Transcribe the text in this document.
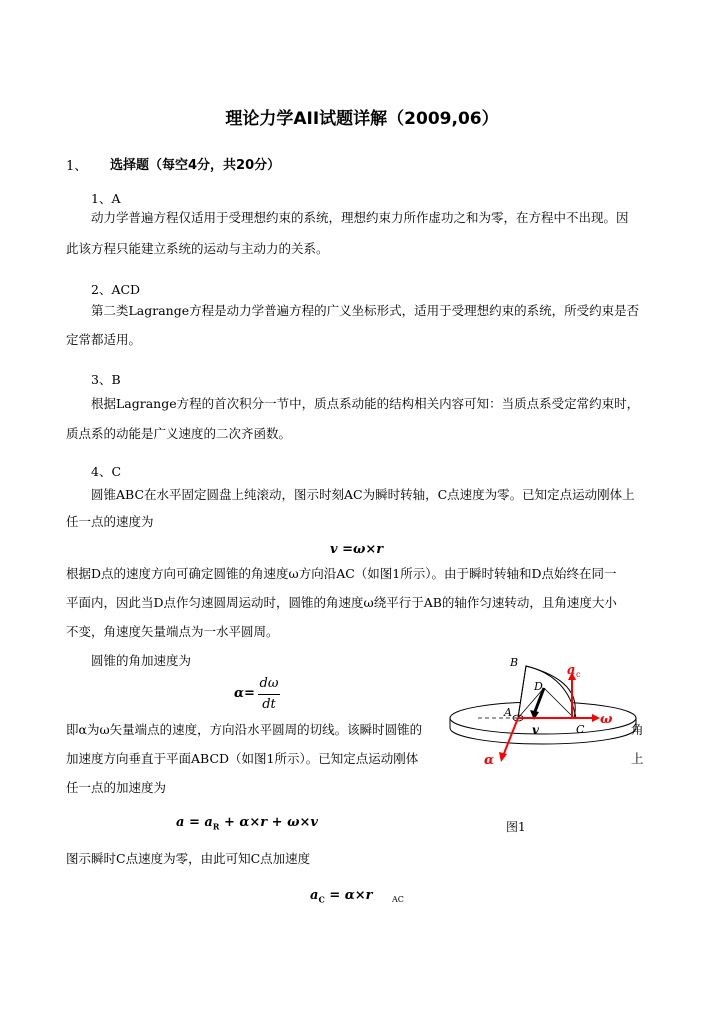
理论力学AII试题详解（2009,06）
1、 选择题（每空4分，共20分）
1、A
动力学普遍方程仅适用于受理想约束的系统，理想约束力所作虚功之和为零，在方程中不出现。因
此该方程只能建立系统的运动与主动力的关系。
2、ACD
第二类Lagrange方程是动力学普遍方程的广义坐标形式，适用于受理想约束的系统，所受约束是否
定常都适用。
3、B
根据Lagrange方程的首次积分一节中，质点系动能的结构相关内容可知：当质点系受定常约束时，
质点系的动能是广义速度的二次齐函数。
4、C
圆锥ABC在水平固定圆盘上纯滚动，图示时刻AC为瞬时转轴，C点速度为零。已知定点运动刚体上
任一点的速度为
v =ω×r
根据D点的速度方向可确定圆锥的角速度ω方向沿AC（如图1所示）。由于瞬时转轴和D点始终在同一
平面内，因此当D点作匀速圆周运动时，圆锥的角速度ω绕平行于AB的轴作匀速转动，且角速度大小
不变，角速度矢量端点为一水平圆周。
圆锥的角加速度为
α=
dω
dt
即α为ω矢量端点的速度，方向沿水平圆周的切线。该瞬时圆锥的	角
加速度方向垂直于平面ABCD（如图1所示）。已知定点运动刚体	上
任一点的加速度为
$a = a_R + \alpha\times r + \omega\times v$	图1
图示瞬时C点速度为零，由此可知C点加速度
$a_C = \alpha\times r$ AC
B
D
A
C
v
ω
α
a c
